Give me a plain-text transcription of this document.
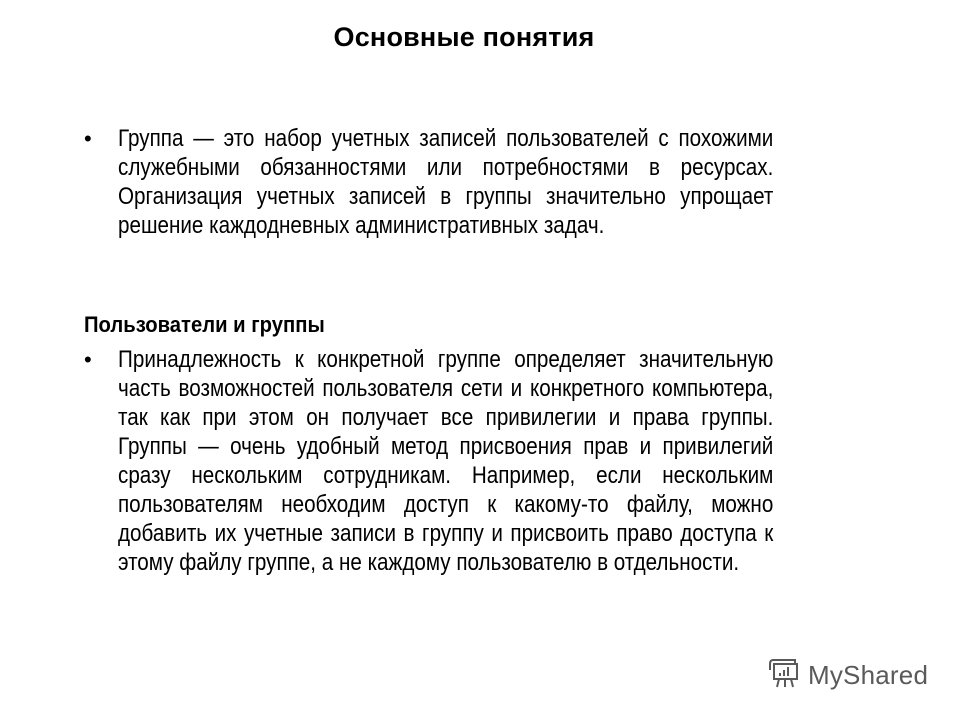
Основные понятия
•	Группа — это набор учетных записей пользователей с похожими служебными обязанностями или потребностями в ресурсах. Организация учетных записей в группы значительно упрощает решение каждодневных административных задач.
Пользователи и группы
•	Принадлежность к конкретной группе определяет значительную часть возможностей пользователя сети и конкретного компьютера, так как при этом он получает все привилегии и права группы. Группы — очень удобный метод присвоения прав и привилегий сразу нескольким сотрудникам. Например, если нескольким пользователям необходим доступ к какому-то файлу, можно добавить их учетные записи в группу и присвоить право доступа к этому файлу группе, а не каждому пользователю в отдельности.
MyShared
